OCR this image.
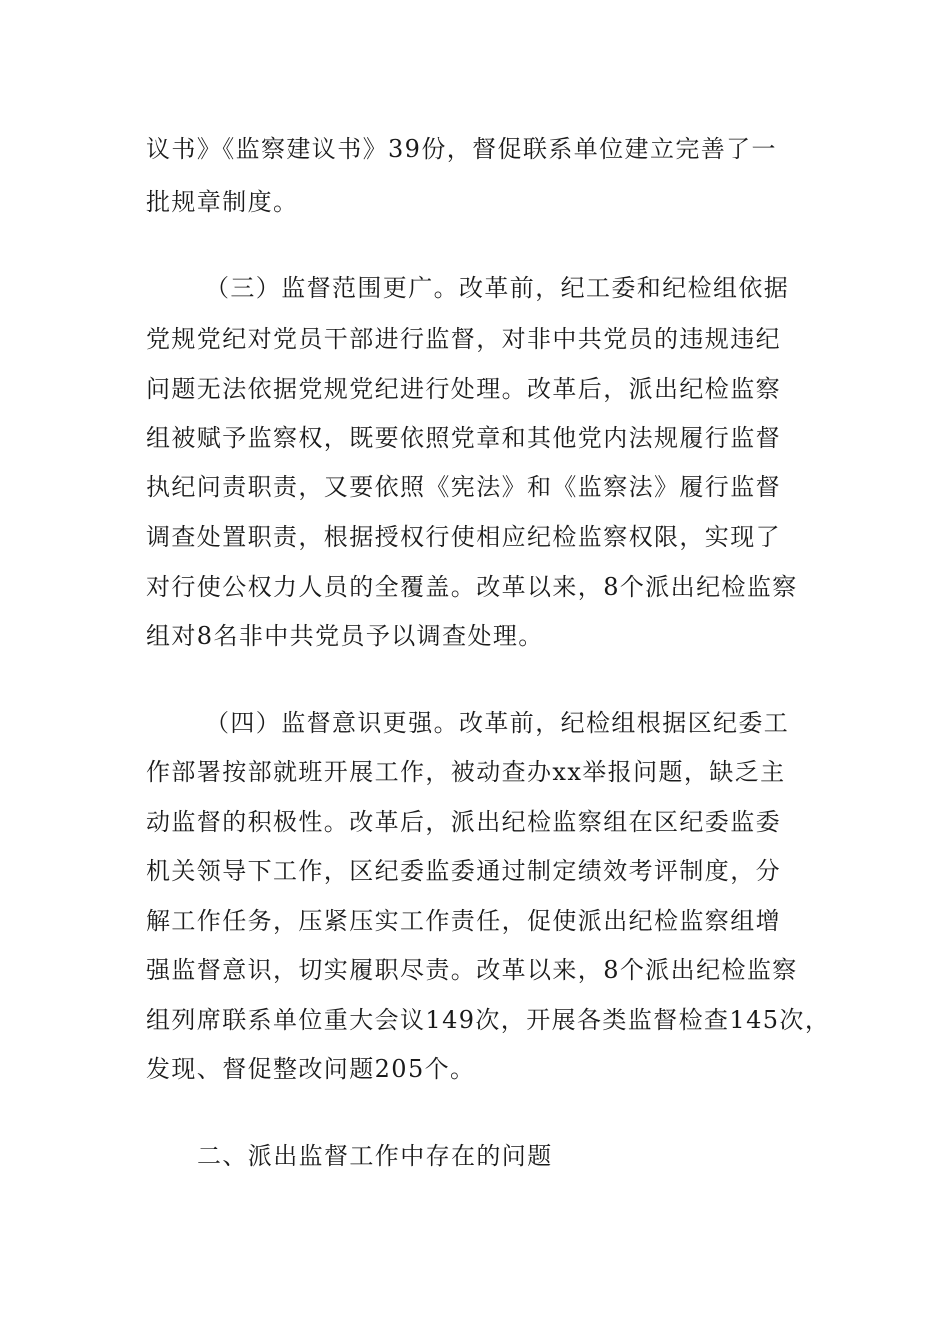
议书》《监察建议书》39份，督促联系单位建立完善了一
批规章制度。
（三）监督范围更广。改革前，纪工委和纪检组依据
党规党纪对党员干部进行监督，对非中共党员的违规违纪
问题无法依据党规党纪进行处理。改革后，派出纪检监察
组被赋予监察权，既要依照党章和其他党内法规履行监督
执纪问责职责，又要依照《宪法》和《监察法》履行监督
调查处置职责，根据授权行使相应纪检监察权限，实现了
对行使公权力人员的全覆盖。改革以来，8个派出纪检监察
组对8名非中共党员予以调查处理。
（四）监督意识更强。改革前，纪检组根据区纪委工
作部署按部就班开展工作，被动查办xx举报问题，缺乏主
动监督的积极性。改革后，派出纪检监察组在区纪委监委
机关领导下工作，区纪委监委通过制定绩效考评制度，分
解工作任务，压紧压实工作责任，促使派出纪检监察组增
强监督意识，切实履职尽责。改革以来，8个派出纪检监察
组列席联系单位重大会议149次，开展各类监督检查145次，
发现、督促整改问题205个。
二、派出监督工作中存在的问题
